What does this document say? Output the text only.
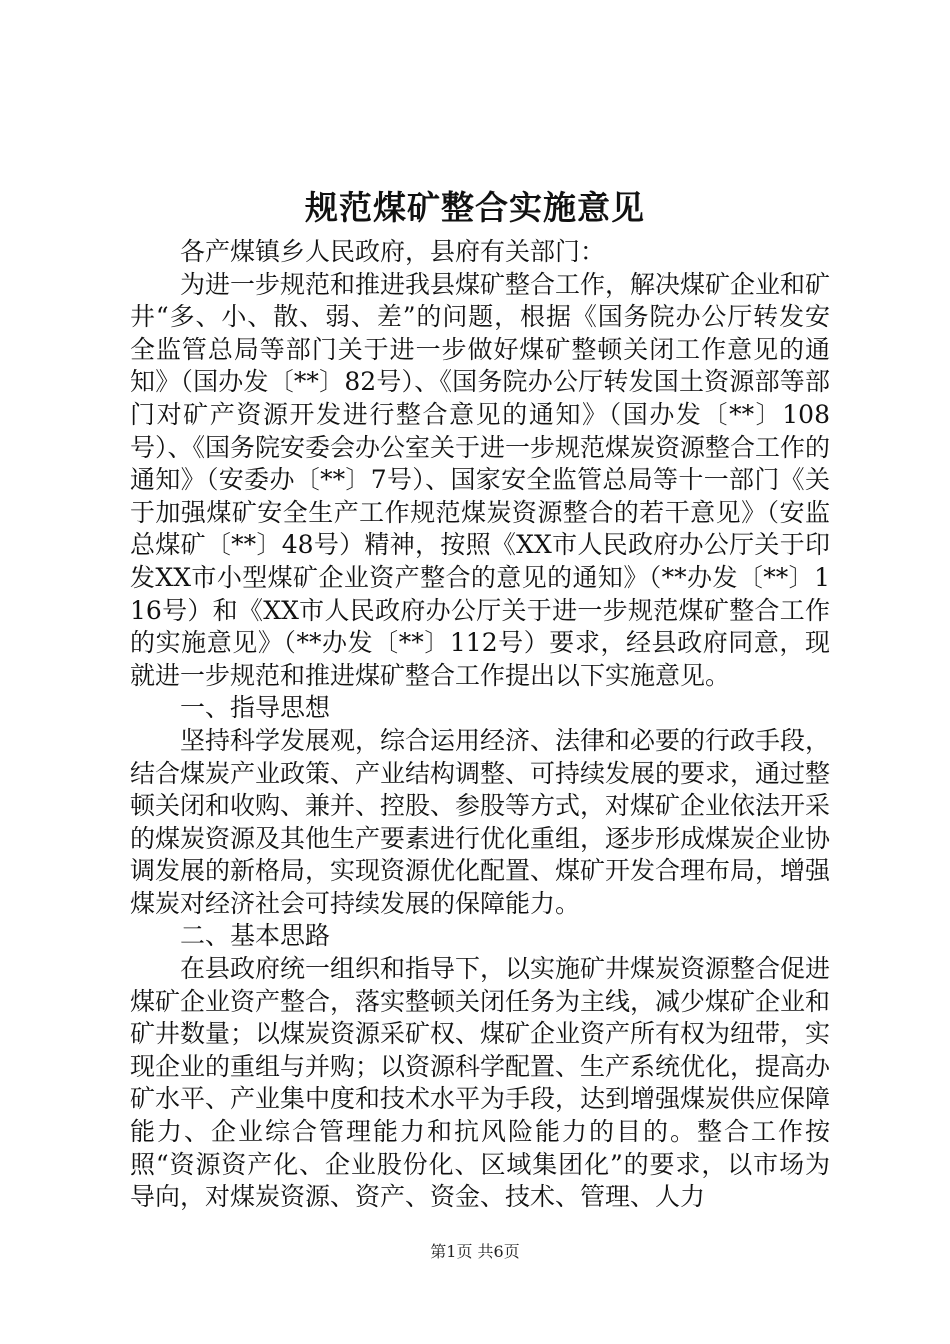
规范煤矿整合实施意见

各产煤镇乡人民政府，县府有关部门：

为进一步规范和推进我县煤矿整合工作，解决煤矿企业和矿井“多、小、散、弱、差”的问题，根据《国务院办公厅转发安全监管总局等部门关于进一步做好煤矿整顿关闭工作意见的通知》（国办发〔**〕82号）、《国务院办公厅转发国土资源部等部门对矿产资源开发进行整合意见的通知》（国办发〔**〕108号）、《国务院安委会办公室关于进一步规范煤炭资源整合工作的通知》（安委办〔**〕7号）、国家安全监管总局等十一部门《关于加强煤矿安全生产工作规范煤炭资源整合的若干意见》（安监总煤矿〔**〕48号）精神，按照《XX市人民政府办公厅关于印发XX市小型煤矿企业资产整合的意见的通知》（**办发〔**〕116号）和《XX市人民政府办公厅关于进一步规范煤矿整合工作的实施意见》（**办发〔**〕112号）要求，经县政府同意，现就进一步规范和推进煤矿整合工作提出以下实施意见。

一、指导思想

坚持科学发展观，综合运用经济、法律和必要的行政手段，结合煤炭产业政策、产业结构调整、可持续发展的要求，通过整顿关闭和收购、兼并、控股、参股等方式，对煤矿企业依法开采的煤炭资源及其他生产要素进行优化重组，逐步形成煤炭企业协调发展的新格局，实现资源优化配置、煤矿开发合理布局，增强煤炭对经济社会可持续发展的保障能力。

二、基本思路

在县政府统一组织和指导下，以实施矿井煤炭资源整合促进煤矿企业资产整合，落实整顿关闭任务为主线，减少煤矿企业和矿井数量；以煤炭资源采矿权、煤矿企业资产所有权为纽带，实现企业的重组与并购；以资源科学配置、生产系统优化，提高办矿水平、产业集中度和技术水平为手段，达到增强煤炭供应保障能力、企业综合管理能力和抗风险能力的目的。整合工作按照“资源资产化、企业股份化、区域集团化”的要求，以市场为导向，对煤炭资源、资产、资金、技术、管理、人力

第1页 共6页
